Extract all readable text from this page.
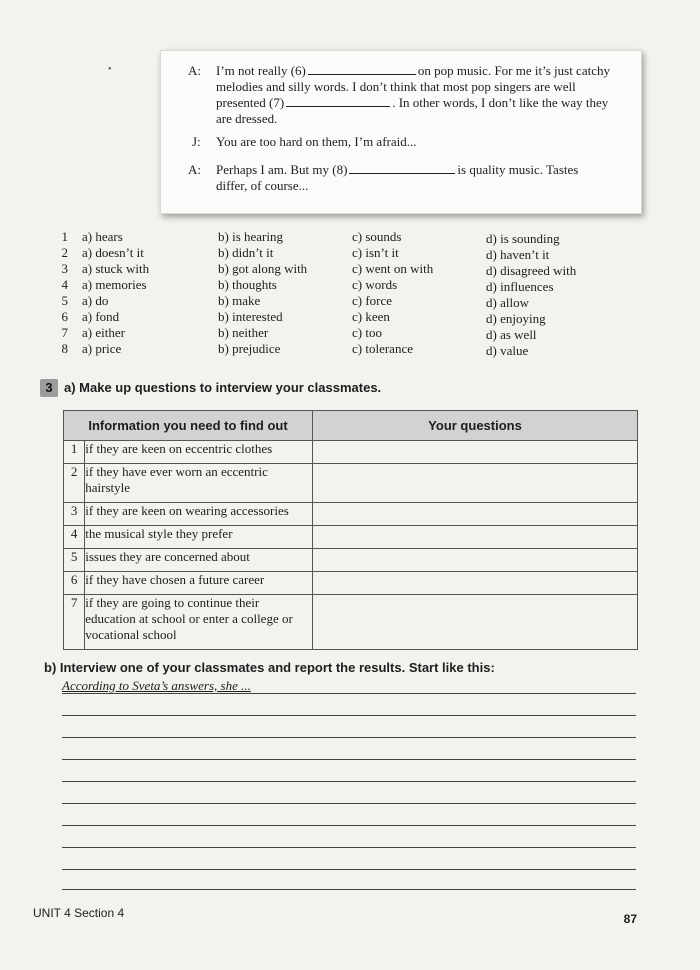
•	A: I’m not really (6)	on pop music. For me it’s just catchy
melodies and silly words. I don’t think that most pop singers are well
presented (7)	. In other words, I don’t like the way they
are dressed.
J: You are too hard on them, I’m afraid...
A: Perhaps I am. But my (8)	is quality music. Tastes
differ, of course...
1 a) hears	b) is hearing	c) sounds	d) is sounding
2 a) doesn’t it	b) didn’t it	c) isn’t it	d) haven’t it
3 a) stuck with	b) got along with	c) went on with	d) disagreed with
4 a) memories	b) thoughts	c) words	d) influences
5 a) do	b) make	c) force	d) allow
6 a) fond	b) interested	c) keen	d) enjoying
7 a) either	b) neither	c) too	d) as well
8 a) price	b) prejudice	c) tolerance	d) value
3 a) Make up questions to interview your classmates.
Information you need to find out		Your questions
1	if they are keen on eccentric clothes	
2	if they have ever worn an eccentric hairstyle	
3	if they are keen on wearing accessories	
4	the musical style they prefer	
5	issues they are concerned about	
6	if they have chosen a future career	
7	if they are going to continue their education at school or enter a college or vocational school	
b) Interview one of your classmates and report the results. Start like this:
According to Sveta’s answers, she ...
UNIT 4 Section 4	87
